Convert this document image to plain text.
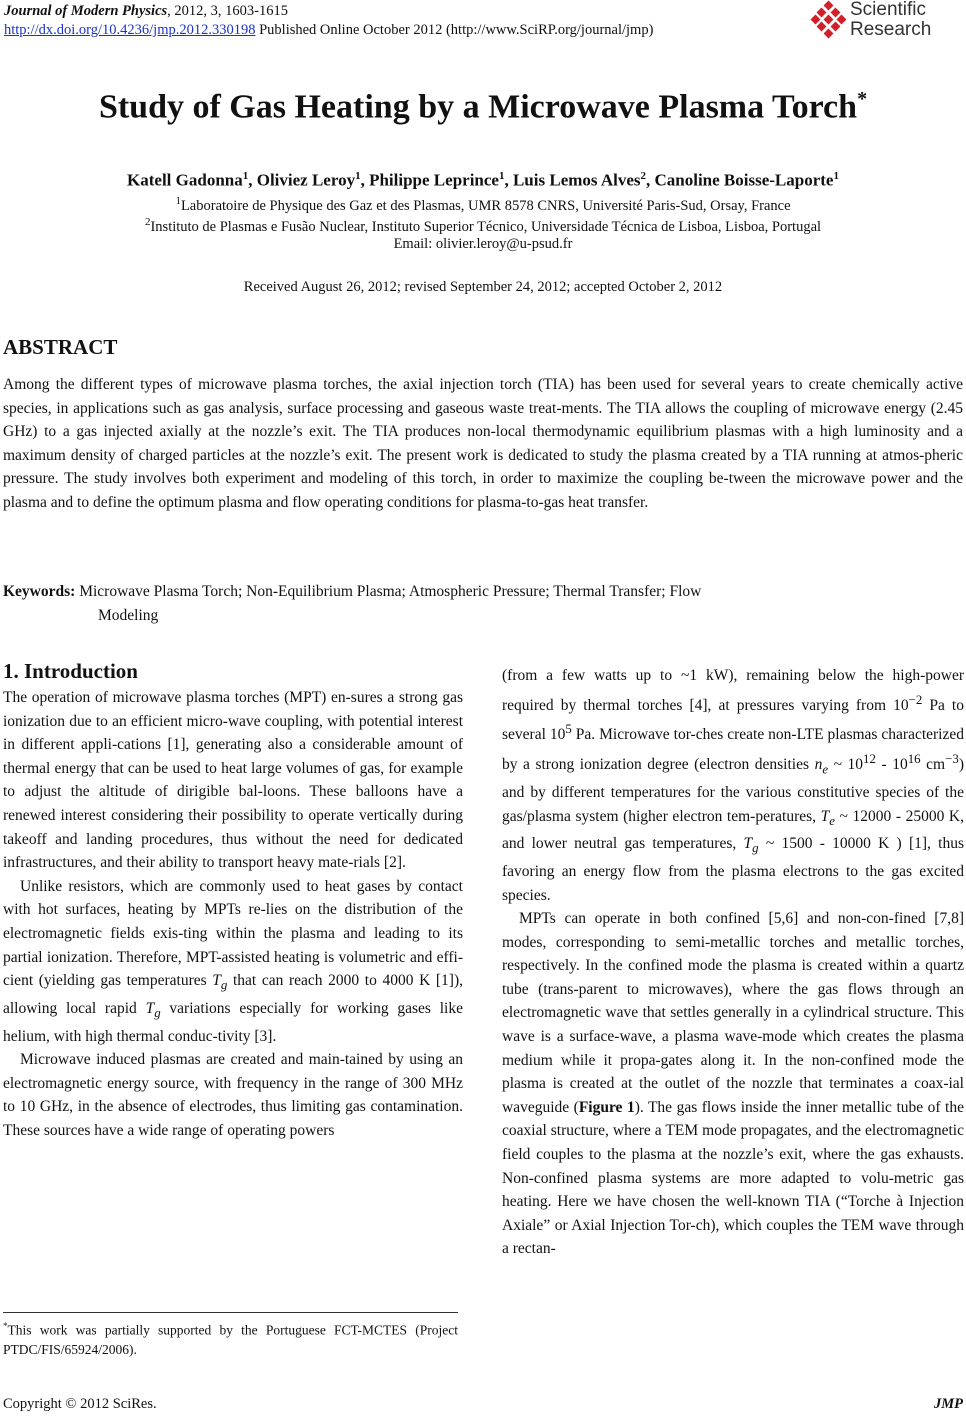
Journal of Modern Physics, 2012, 3, 1603-1615
http://dx.doi.org/10.4236/jmp.2012.330198 Published Online October 2012 (http://www.SciRP.org/journal/jmp)
Scientific
Research
Study of Gas Heating by a Microwave Plasma Torch*
Katell Gadonna$^1$, Oliviez Leroy$^1$, Philippe Leprince$^1$, Luis Lemos Alves$^2$, Canoline Boisse-Laporte$^1$
$^1$Laboratoire de Physique des Gaz et des Plasmas, UMR 8578 CNRS, Université Paris-Sud, Orsay, France
$^2$Instituto de Plasmas e Fusão Nuclear, Instituto Superior Técnico, Universidade Técnica de Lisboa, Lisboa, Portugal
Email: olivier.leroy@u-psud.fr
Received August 26, 2012; revised September 24, 2012; accepted October 2, 2012
ABSTRACT
Among the different types of microwave plasma torches, the axial injection torch (TIA) has been used for several years to create chemically active species, in applications such as gas analysis, surface processing and gaseous waste treat-ments. The TIA allows the coupling of microwave energy (2.45 GHz) to a gas injected axially at the nozzle’s exit. The TIA produces non-local thermodynamic equilibrium plasmas with a high luminosity and a maximum density of charged particles at the nozzle’s exit. The present work is dedicated to study the plasma created by a TIA running at atmos-pheric pressure. The study involves both experiment and modeling of this torch, in order to maximize the coupling be-tween the microwave power and the plasma and to define the optimum plasma and flow operating conditions for plasma-to-gas heat transfer.
Keywords: Microwave Plasma Torch; Non-Equilibrium Plasma; Atmospheric Pressure; Thermal Transfer; Flow
Modeling
1. Introduction

The operation of microwave plasma torches (MPT) en-sures a strong gas ionization due to an efficient micro-wave coupling, with potential interest in different appli-cations [1], generating also a considerable amount of thermal energy that can be used to heat large volumes of gas, for example to adjust the altitude of dirigible bal-loons. These balloons have a renewed interest considering their possibility to operate vertically during takeoff and landing procedures, thus without the need for dedicated infrastructures, and their ability to transport heavy mate-rials [2].

Unlike resistors, which are commonly used to heat gases by contact with hot surfaces, heating by MPTs re-lies on the distribution of the electromagnetic fields exis-ting within the plasma and leading to its partial ionization. Therefore, MPT-assisted heating is volumetric and effi-cient (yielding gas temperatures $T_g$ that can reach 2000 to 4000 K [1]), allowing local rapid $T_g$ variations especially for working gases like helium, with high thermal conduc-tivity [3].

Microwave induced plasmas are created and main-tained by using an electromagnetic energy source, with frequency in the range of 300 MHz to 10 GHz, in the absence of electrodes, thus limiting gas contamination. These sources have a wide range of operating powers

(from a few watts up to ~1 kW), remaining below the high-power required by thermal torches [4], at pressures varying from $10^{-2}$ Pa to several $10^5$ Pa. Microwave tor-ches create non-LTE plasmas characterized by a strong ionization degree (electron densities $n_e$ ~ $10^{12} - 10^{16}$ $cm^{-3}$) and by different temperatures for the various constitutive species of the gas/plasma system (higher electron tem-peratures, $T_e$ ~ 12000 - 25000 K, and lower neutral gas temperatures, $T_g$ ~ 1500 - 10000 K ) [1], thus favoring an energy flow from the plasma electrons to the gas excited species.

MPTs can operate in both confined [5,6] and non-con-fined [7,8] modes, corresponding to semi-metallic torches and metallic torches, respectively. In the confined mode the plasma is created within a quartz tube (trans-parent to microwaves), where the gas flows through an electromagnetic wave that settles generally in a cylindrical structure. This wave is a surface-wave, a plasma wave-mode which creates the plasma medium while it propa-gates along it. In the non-confined mode the plasma is created at the outlet of the nozzle that terminates a coax-ial waveguide (Figure 1). The gas flows inside the inner metallic tube of the coaxial structure, where a TEM mode propagates, and the electromagnetic field couples to the plasma at the nozzle’s exit, where the gas exhausts. Non-confined plasma systems are more adapted to volu-metric gas heating. Here we have chosen the well-known TIA (“Torche à Injection Axiale” or Axial Injection Tor-ch), which couples the TEM wave through a rectan-

*This work was partially supported by the Portuguese FCT-MCTES (Project PTDC/FIS/65924/2006).
Copyright © 2012 SciRes.	JMP
